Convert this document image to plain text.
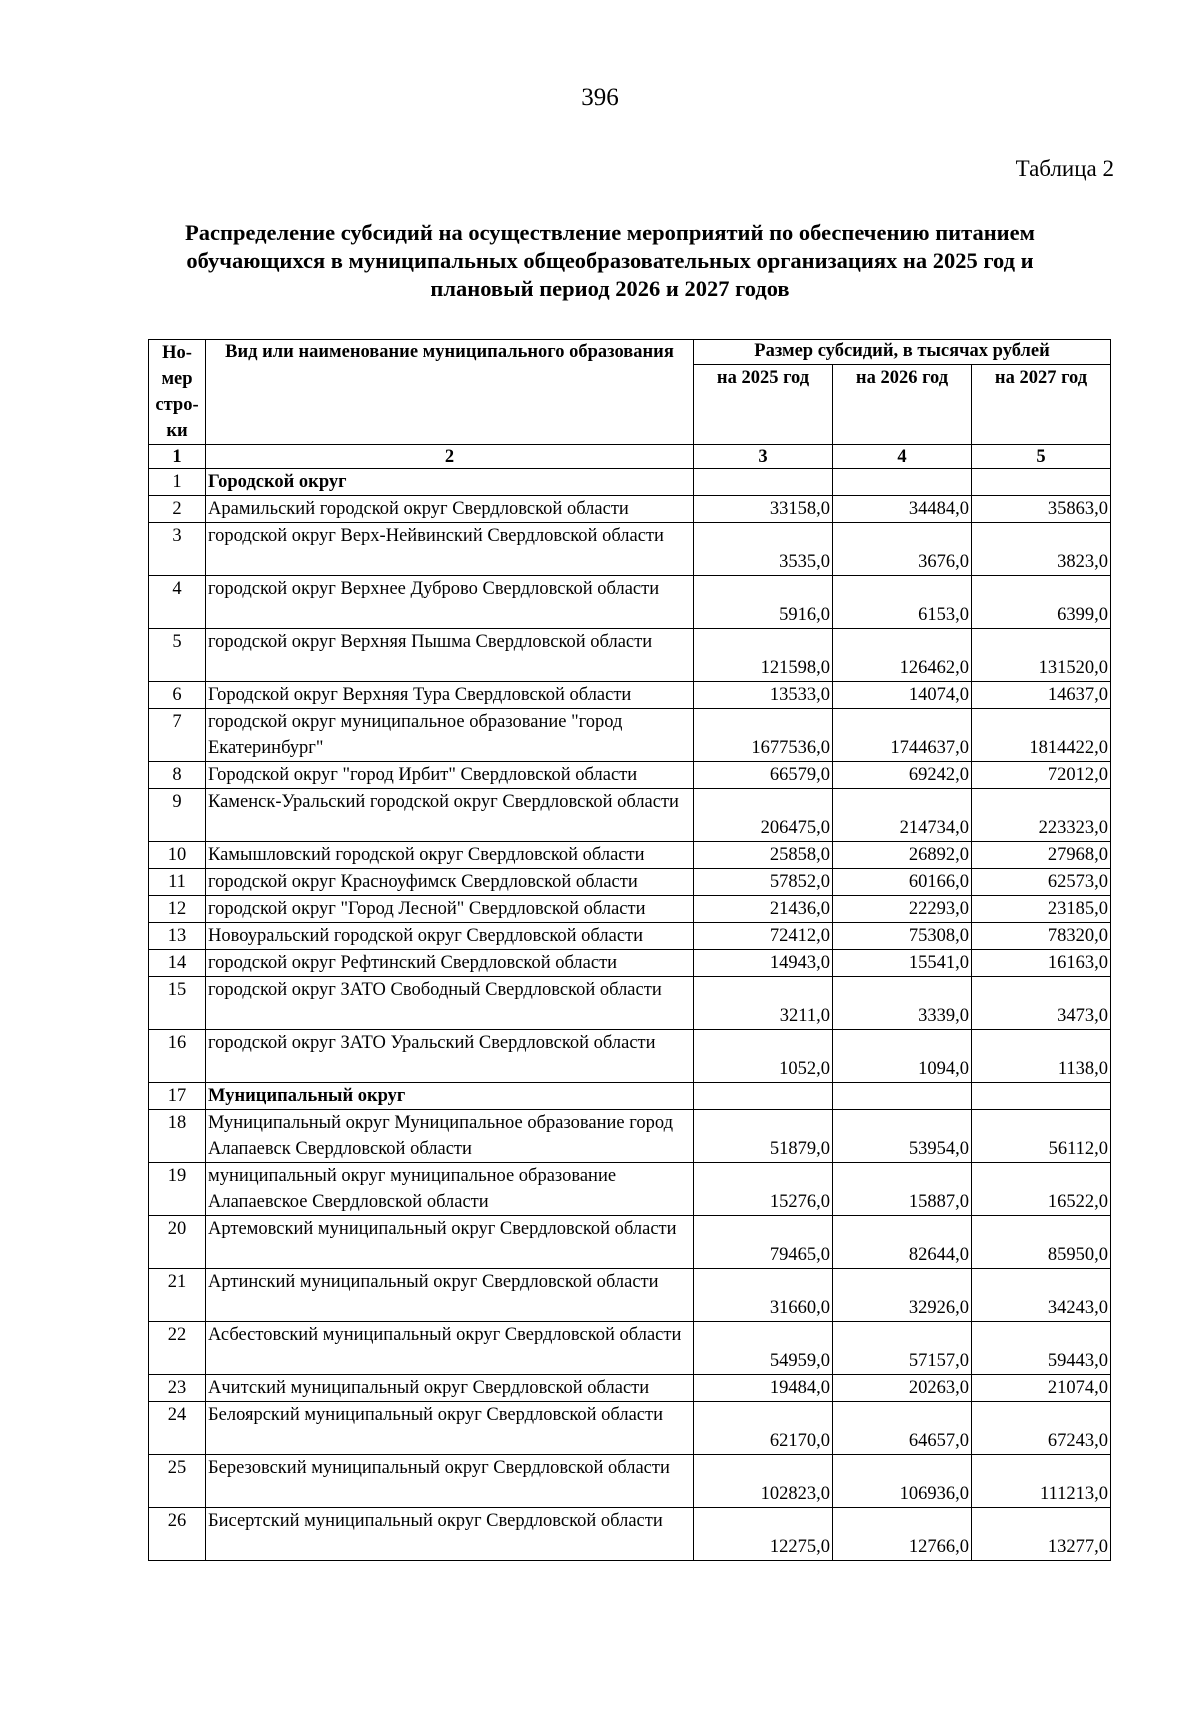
396
Таблица 2
Распределение субсидий на осуществление мероприятий по обеспечению питанием обучающихся в муниципальных общеобразовательных организациях на 2025 год и плановый период 2026 и 2027 годов
Но-мер стро-ки	Вид или наименование муниципального образования	Размер субсидий, в тысячах рублей		
		на 2025 год	на 2026 год	на 2027 год
1	2	3	4	5
1	Городской округ			
2	Арамильский городской округ Свердловской области	33158,0	34484,0	35863,0
3	городской округ Верх-Нейвинский Свердловской области	3535,0	3676,0	3823,0
4	городской округ Верхнее Дуброво Свердловской области	5916,0	6153,0	6399,0
5	городской округ Верхняя Пышма Свердловской области	121598,0	126462,0	131520,0
6	Городской округ Верхняя Тура Свердловской области	13533,0	14074,0	14637,0
7	городской округ муниципальное образование "город Екатеринбург"	1677536,0	1744637,0	1814422,0
8	Городской округ "город Ирбит" Свердловской области	66579,0	69242,0	72012,0
9	Каменск-Уральский городской округ Свердловской области	206475,0	214734,0	223323,0
10	Камышловский городской округ Свердловской области	25858,0	26892,0	27968,0
11	городской округ Красноуфимск Свердловской области	57852,0	60166,0	62573,0
12	городской округ "Город Лесной" Свердловской области	21436,0	22293,0	23185,0
13	Новоуральский городской округ Свердловской области	72412,0	75308,0	78320,0
14	городской округ Рефтинский Свердловской области	14943,0	15541,0	16163,0
15	городской округ ЗАТО Свободный Свердловской области	3211,0	3339,0	3473,0
16	городской округ ЗАТО Уральский Свердловской области	1052,0	1094,0	1138,0
17	Муниципальный округ			
18	Муниципальный округ Муниципальное образование город Алапаевск Свердловской области	51879,0	53954,0	56112,0
19	муниципальный округ муниципальное образование Алапаевское Свердловской области	15276,0	15887,0	16522,0
20	Артемовский муниципальный округ Свердловской области	79465,0	82644,0	85950,0
21	Артинский муниципальный округ Свердловской области	31660,0	32926,0	34243,0
22	Асбестовский муниципальный округ Свердловской области	54959,0	57157,0	59443,0
23	Ачитский муниципальный округ Свердловской области	19484,0	20263,0	21074,0
24	Белоярский муниципальный округ Свердловской области	62170,0	64657,0	67243,0
25	Березовский муниципальный округ Свердловской области	102823,0	106936,0	111213,0
26	Бисертский муниципальный округ Свердловской области	12275,0	12766,0	13277,0
